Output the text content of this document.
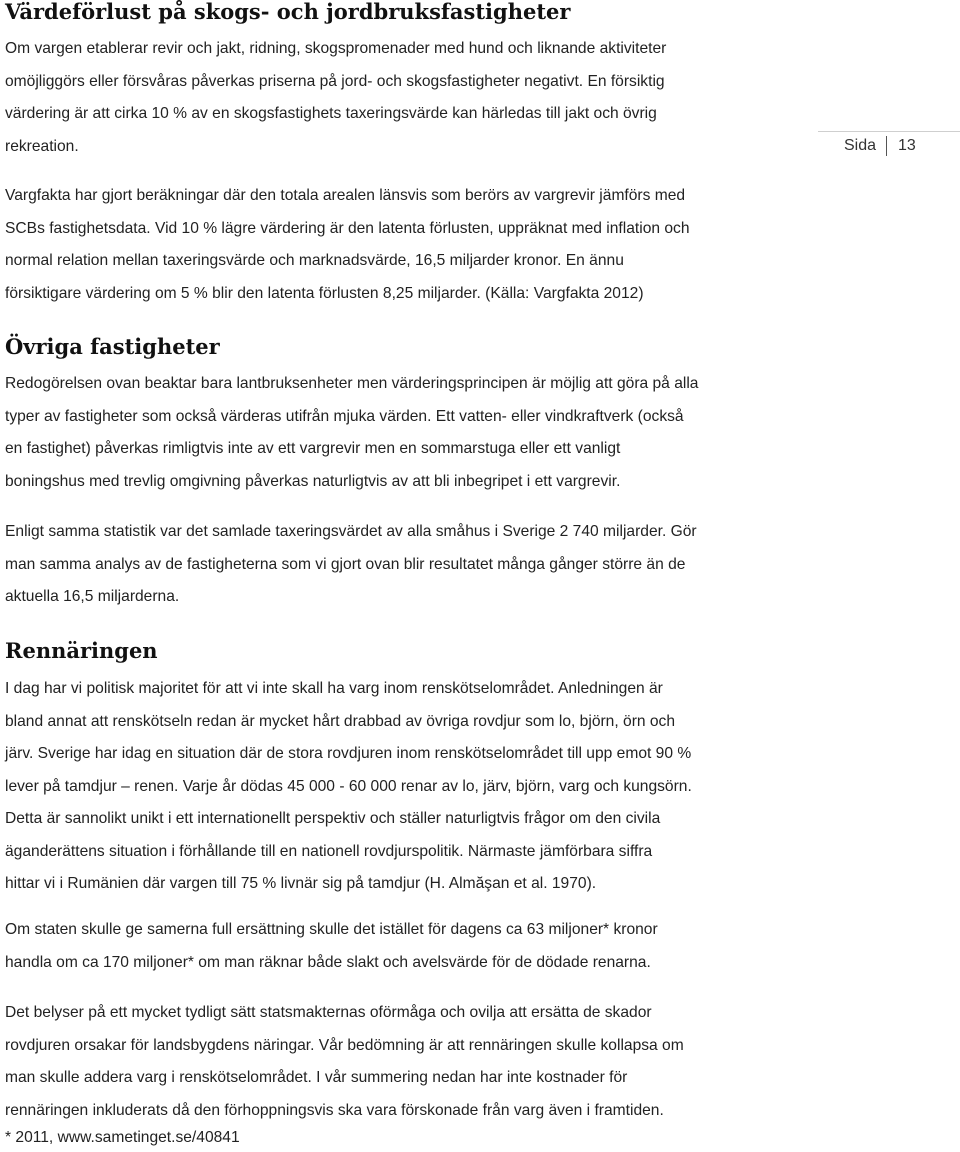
Värdeförlust på skogs- och jordbruksfastigheter
Om vargen etablerar revir och jakt, ridning, skogspromenader med hund och liknande aktiviteter
omöjliggörs eller försvåras påverkas priserna på jord- och skogsfastigheter negativt. En försiktig
värdering är att cirka 10 % av en skogsfastighets taxeringsvärde kan härledas till jakt och övrig
rekreation.	Sida	13
Vargfakta har gjort beräkningar där den totala arealen länsvis som berörs av vargrevir jämförs med
SCBs fastighetsdata. Vid 10 % lägre värdering är den latenta förlusten, uppräknat med inflation och
normal relation mellan taxeringsvärde och marknadsvärde, 16,5 miljarder kronor. En ännu
försiktigare värdering om 5 % blir den latenta förlusten 8,25 miljarder. (Källa: Vargfakta 2012)
Övriga fastigheter
Redogörelsen ovan beaktar bara lantbruksenheter men värderingsprincipen är möjlig att göra på alla
typer av fastigheter som också värderas utifrån mjuka värden. Ett vatten- eller vindkraftverk (också
en fastighet) påverkas rimligtvis inte av ett vargrevir men en sommarstuga eller ett vanligt
boningshus med trevlig omgivning påverkas naturligtvis av att bli inbegripet i ett vargrevir.
Enligt samma statistik var det samlade taxeringsvärdet av alla småhus i Sverige 2 740 miljarder. Gör
man samma analys av de fastigheterna som vi gjort ovan blir resultatet många gånger större än de
aktuella 16,5 miljarderna.
Rennäringen
I dag har vi politisk majoritet för att vi inte skall ha varg inom renskötselområdet. Anledningen är
bland annat att renskötseln redan är mycket hårt drabbad av övriga rovdjur som lo, björn, örn och
järv. Sverige har idag en situation där de stora rovdjuren inom renskötselområdet till upp emot 90 %
lever på tamdjur – renen. Varje år dödas 45 000 - 60 000 renar av lo, järv, björn, varg och kungsörn.
Detta är sannolikt unikt i ett internationellt perspektiv och ställer naturligtvis frågor om den civila
äganderättens situation i förhållande till en nationell rovdjurspolitik. Närmaste jämförbara siffra
hittar vi i Rumänien där vargen till 75 % livnär sig på tamdjur (H. Almăşan et al. 1970).
Om staten skulle ge samerna full ersättning skulle det istället för dagens ca 63 miljoner* kronor
handla om ca 170 miljoner* om man räknar både slakt och avelsvärde för de dödade renarna.
Det belyser på ett mycket tydligt sätt statsmakternas oförmåga och ovilja att ersätta de skador
rovdjuren orsakar för landsbygdens näringar. Vår bedömning är att rennäringen skulle kollapsa om
man skulle addera varg i renskötselområdet. I vår summering nedan har inte kostnader för
rennäringen inkluderats då den förhoppningsvis ska vara förskonade från varg även i framtiden.
* 2011, www.sametinget.se/40841
